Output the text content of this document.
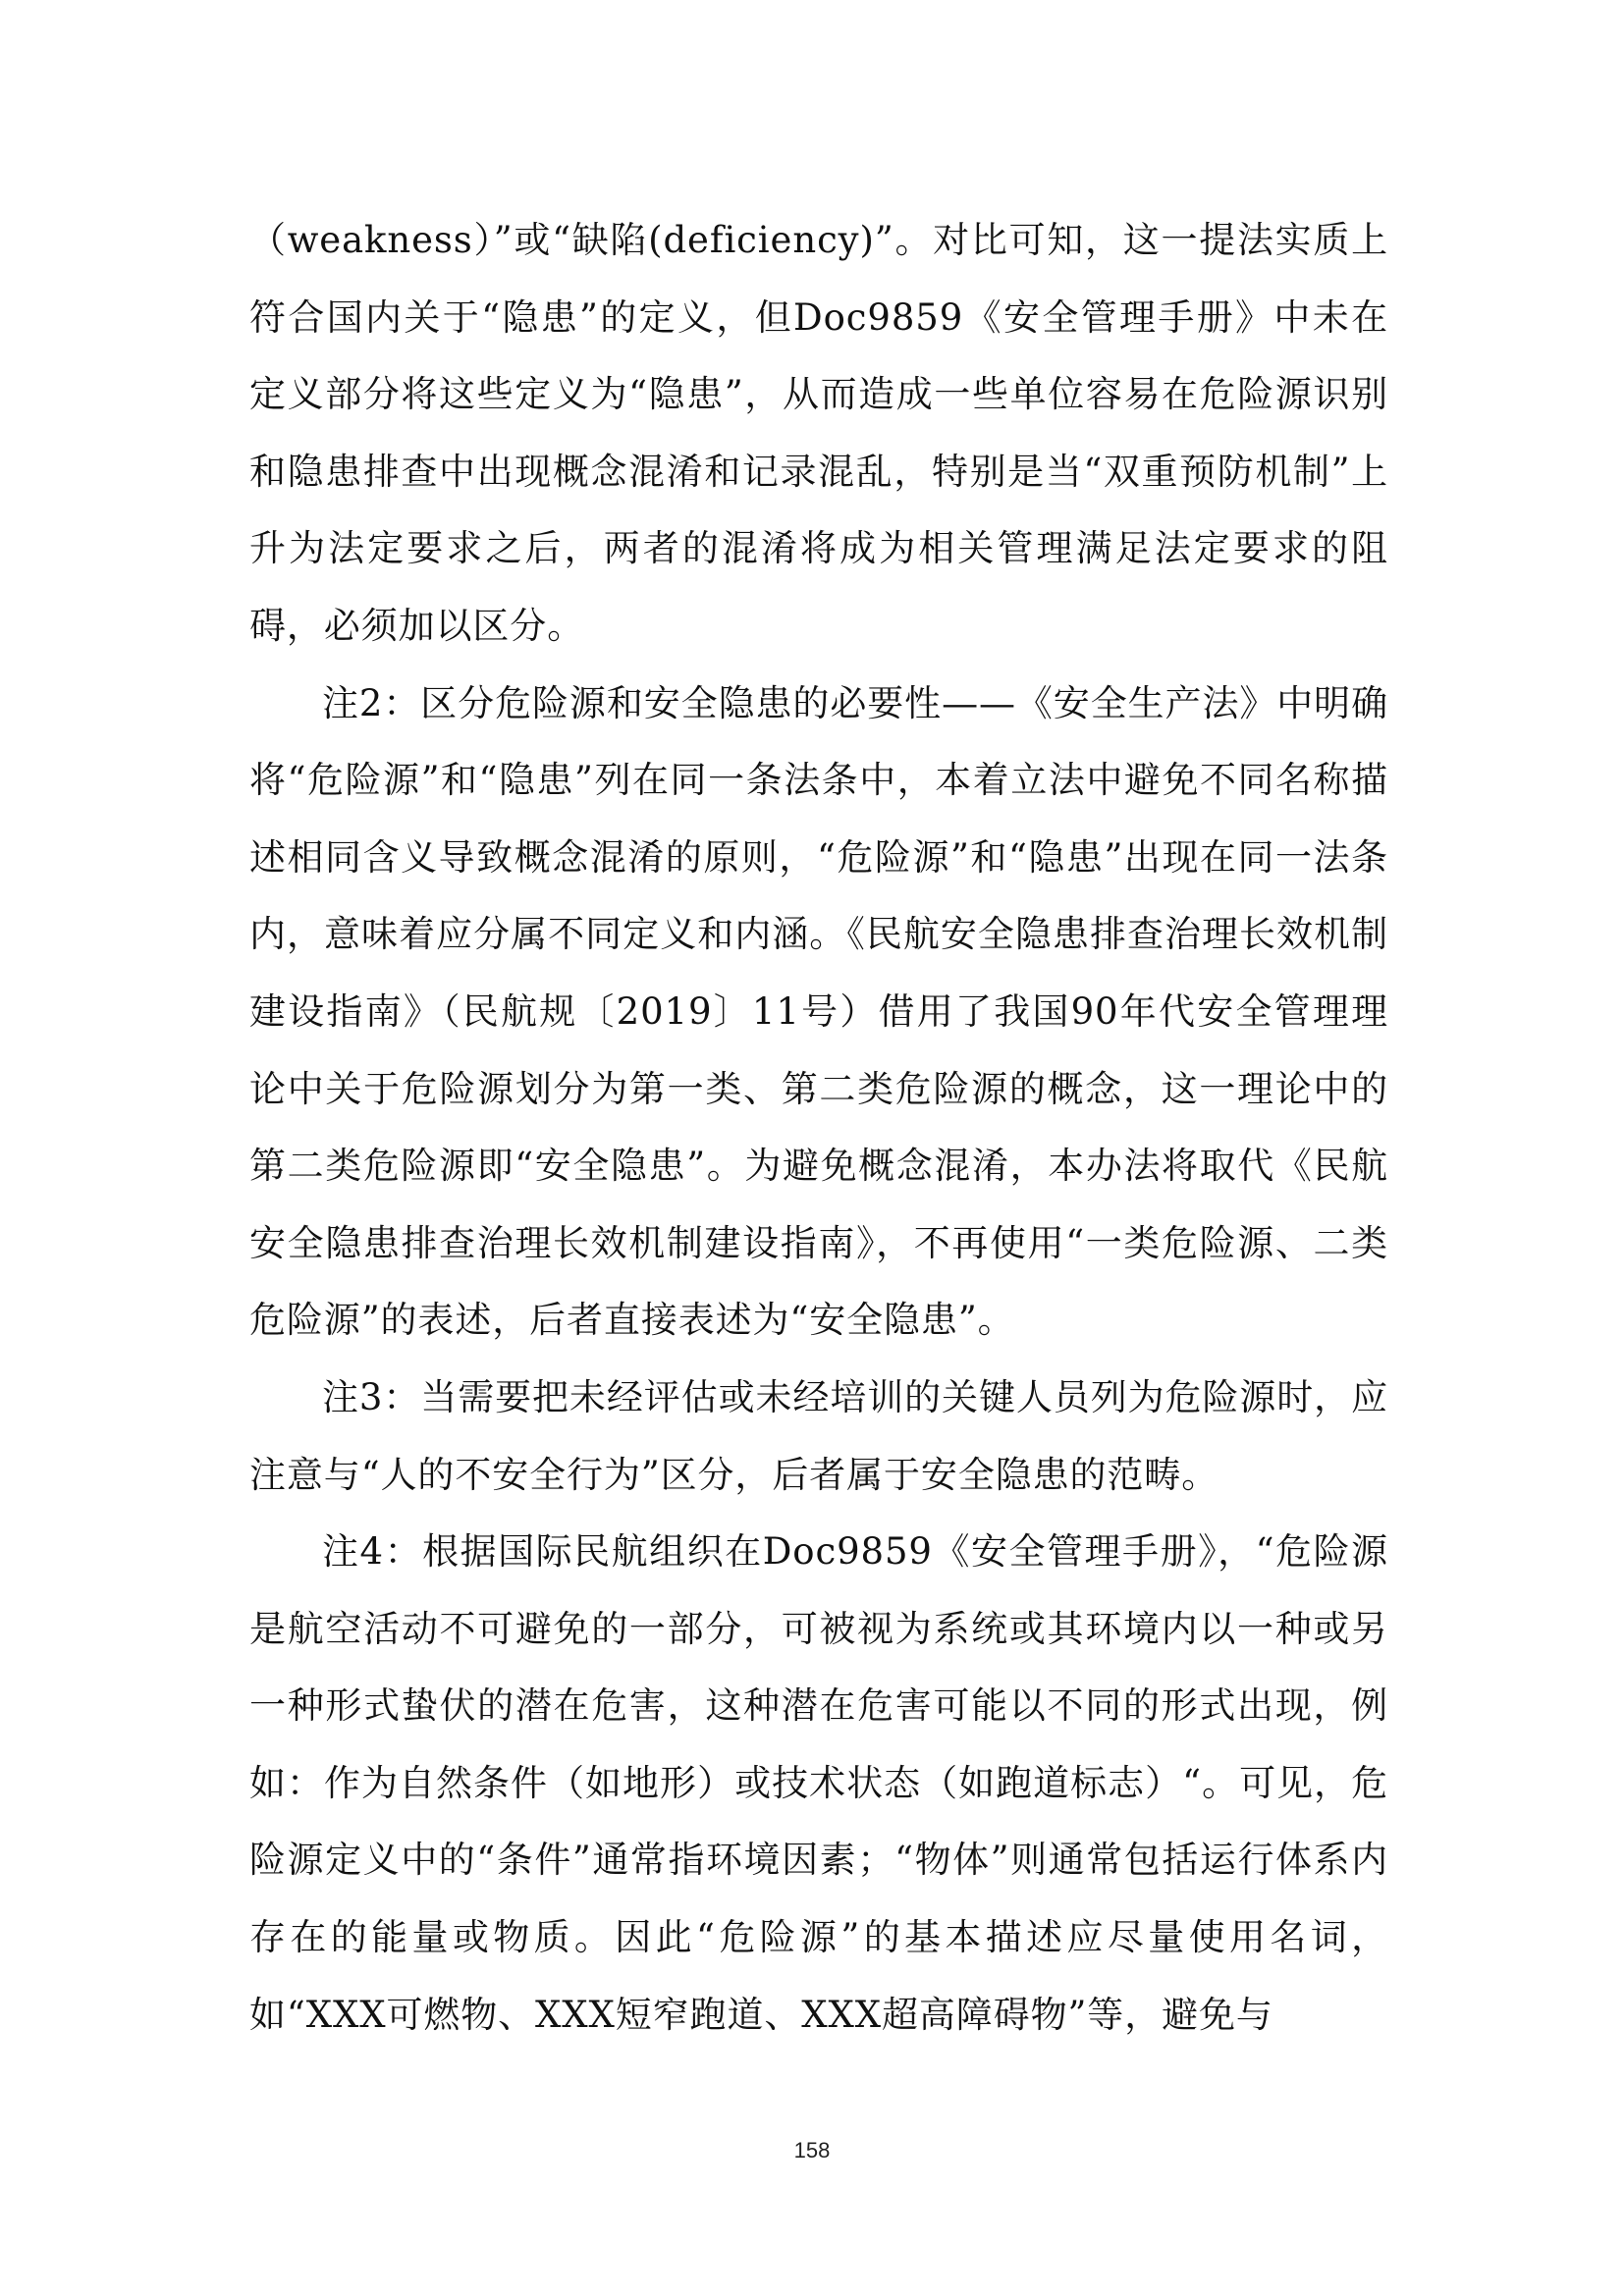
（weakness）”或“缺陷(deficiency)”。对比可知，这一提法实质上符合国内关于“隐患”的定义，但Doc9859《安全管理手册》中未在定义部分将这些定义为“隐患”，从而造成一些单位容易在危险源识别和隐患排查中出现概念混淆和记录混乱，特别是当“双重预防机制”上升为法定要求之后，两者的混淆将成为相关管理满足法定要求的阻碍，必须加以区分。

注2：区分危险源和安全隐患的必要性——《安全生产法》中明确将“危险源”和“隐患”列在同一条法条中，本着立法中避免不同名称描述相同含义导致概念混淆的原则，“危险源”和“隐患”出现在同一法条内，意味着应分属不同定义和内涵。《民航安全隐患排查治理长效机制建设指南》（民航规〔2019〕11号）借用了我国90年代安全管理理论中关于危险源划分为第一类、第二类危险源的概念，这一理论中的第二类危险源即“安全隐患”。为避免概念混淆，本办法将取代《民航安全隐患排查治理长效机制建设指南》，不再使用“一类危险源、二类危险源”的表述，后者直接表述为“安全隐患”。

注3：当需要把未经评估或未经培训的关键人员列为危险源时，应注意与“人的不安全行为”区分，后者属于安全隐患的范畴。

注4：根据国际民航组织在Doc9859《安全管理手册》，“危险源是航空活动不可避免的一部分，可被视为系统或其环境内以一种或另一种形式蛰伏的潜在危害，这种潜在危害可能以不同的形式出现，例如：作为自然条件（如地形）或技术状态（如跑道标志）“。可见，危险源定义中的“条件”通常指环境因素；“物体”则通常包括运行体系内存在的能量或物质。因此“危险源”的基本描述应尽量使用名词，如“XXX可燃物、XXX短窄跑道、XXX超高障碍物”等，避免与

158
